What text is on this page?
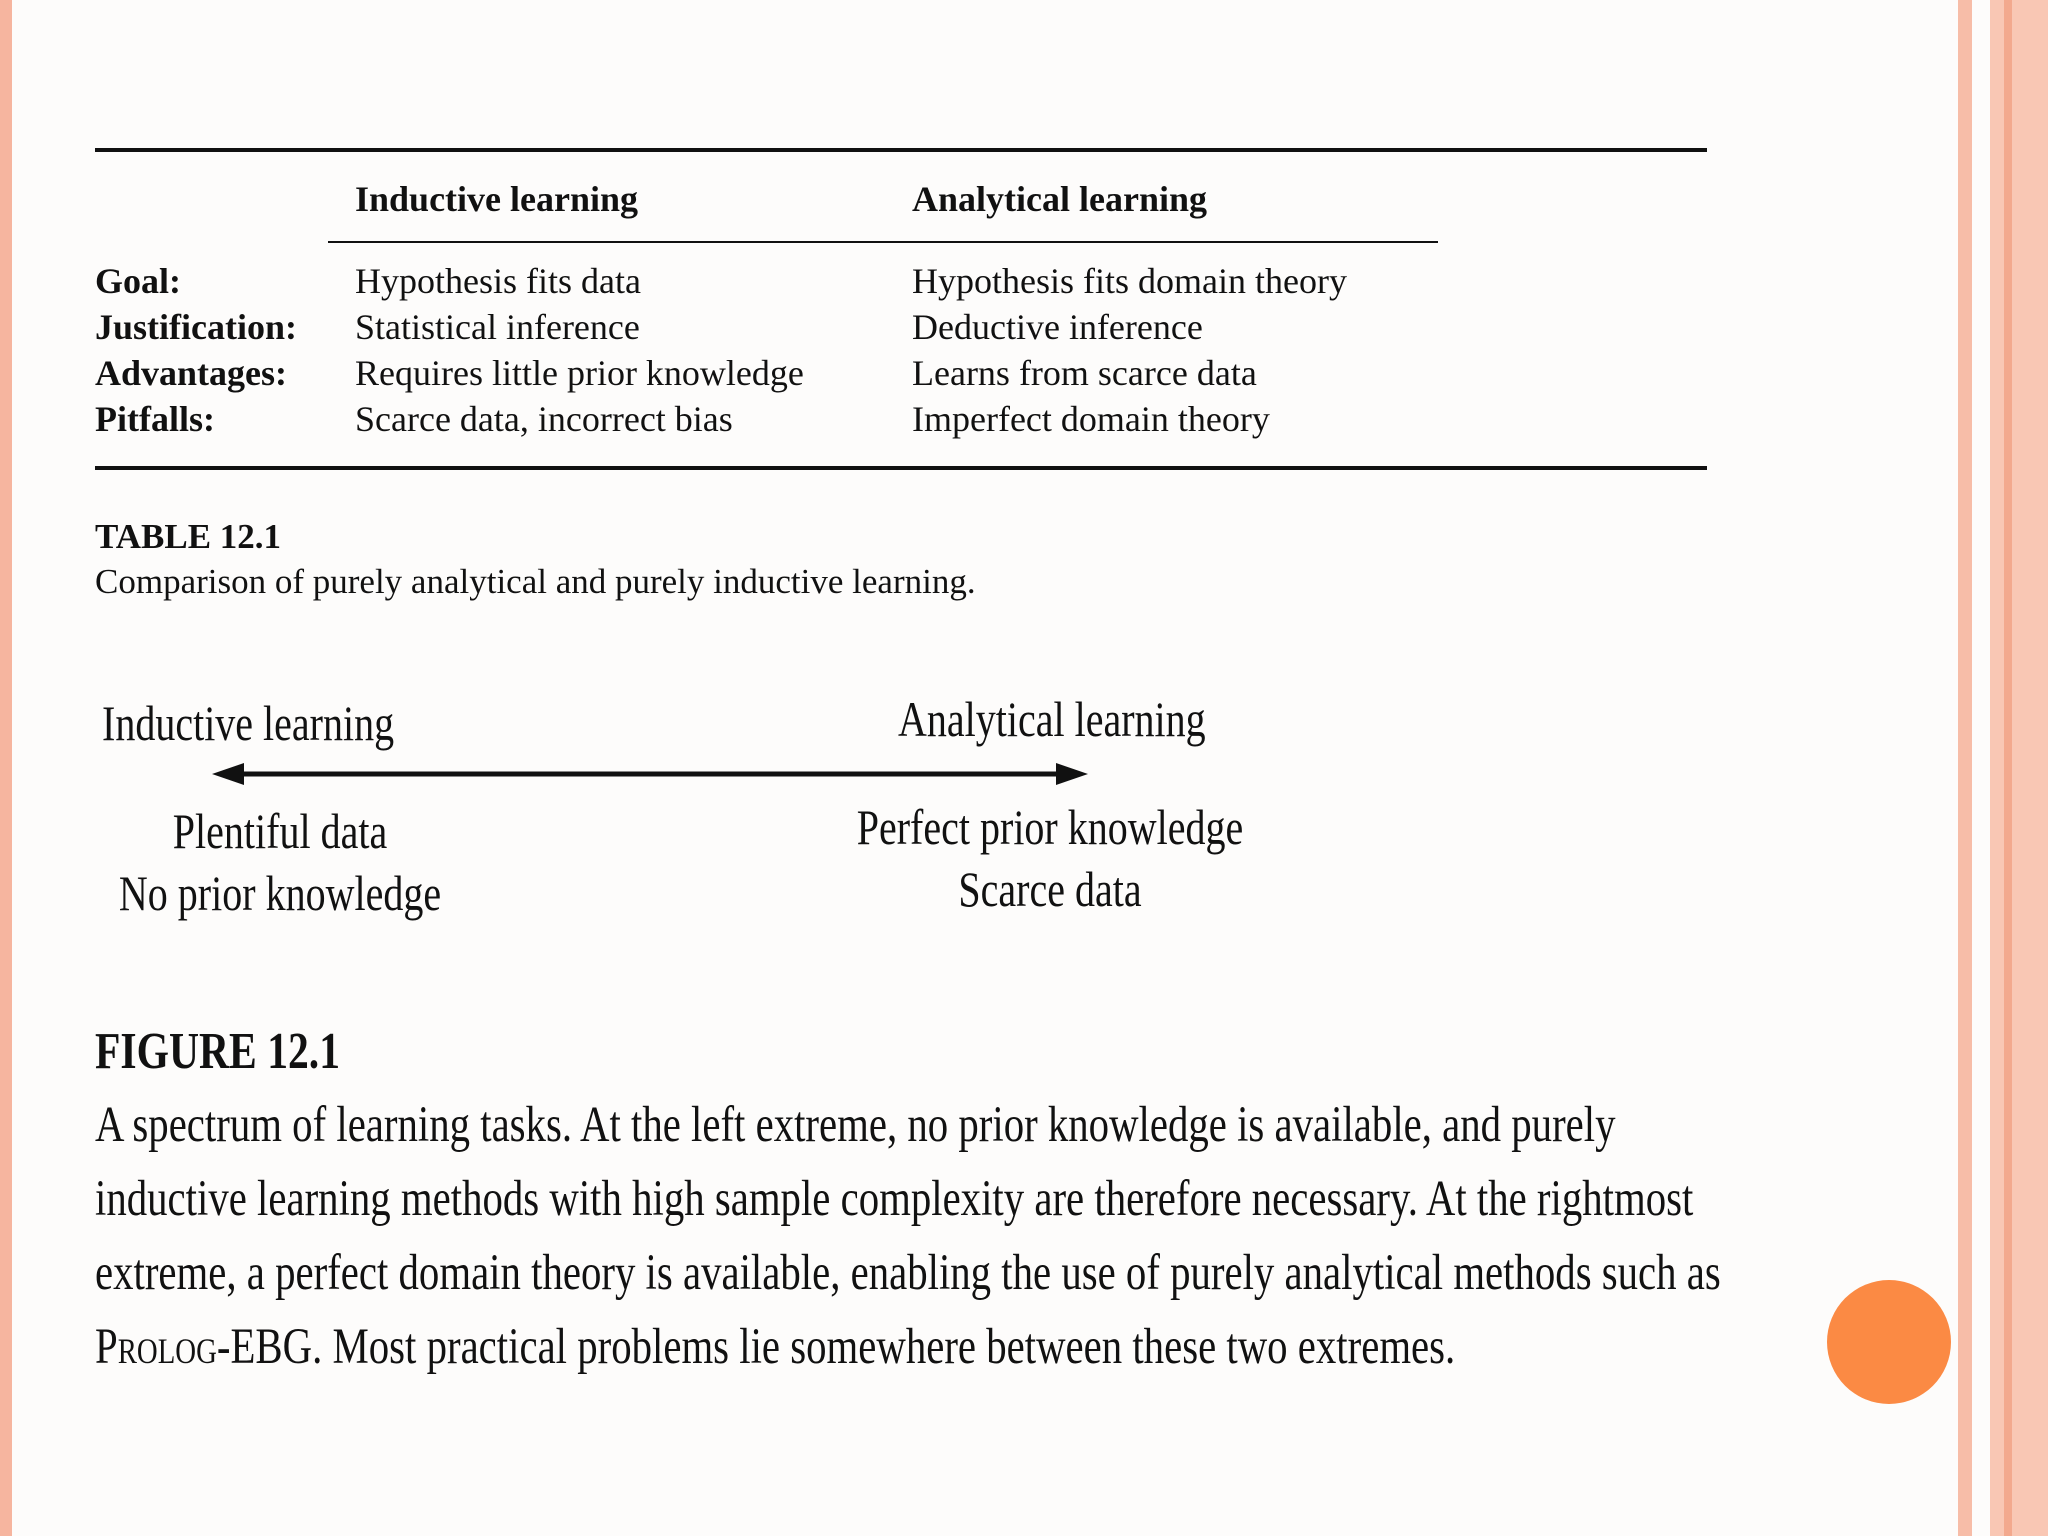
Inductive learning	Analytical learning
Goal:	Hypothesis fits data	Hypothesis fits domain theory
Justification: Statistical inference	Deductive inference
Advantages: Requires little prior knowledge	Learns from scarce data
Pitfalls:	Scarce data, incorrect bias	Imperfect domain theory
TABLE 12.1
Comparison of purely analytical and purely inductive learning.
Inductive learning	Analytical learning
Plentiful data
No prior knowledge
Perfect prior knowledge
Scarce data
FIGURE 12.1

A spectrum of learning tasks. At the left extreme, no prior knowledge is available, and purely

inductive learning methods with high sample complexity are therefore necessary. At the rightmost

extreme, a perfect domain theory is available, enabling the use of purely analytical methods such as

Prolog-EBG. Most practical problems lie somewhere between these two extremes.
